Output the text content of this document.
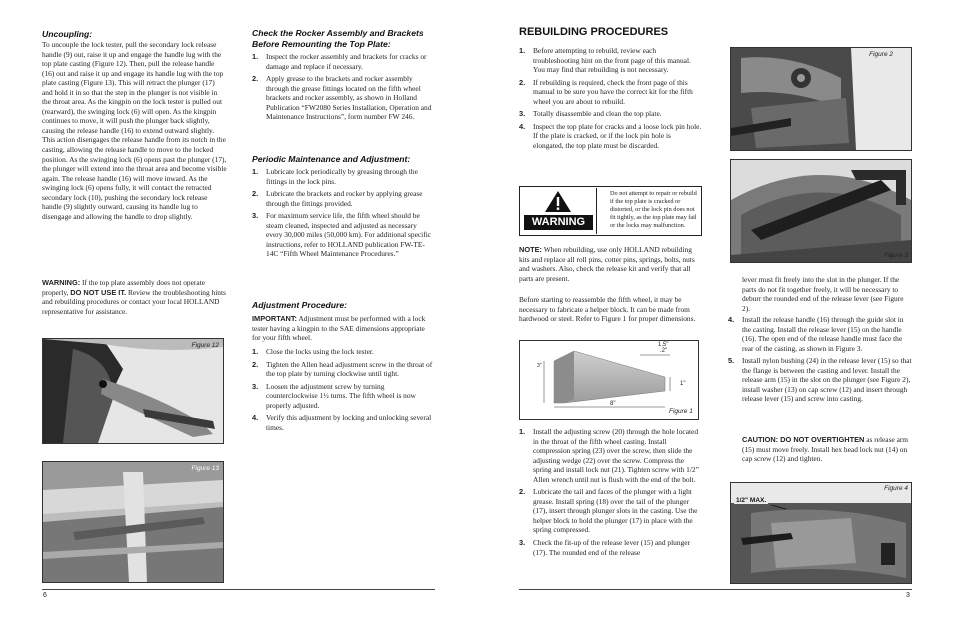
Uncoupling:
To uncouple the lock tester, pull the secondary lock release handle (9) out, raise it up and engage the handle lug with the top plate casting (Figure 12). Then, pull the release handle (16) out and raise it up and engage its handle lug with the top plate casting (Figure 13). This will retract the plunger (17) and hold it in so that the step in the plunger is not visible in the throat area. As the kingpin on the lock tester is pulled out (rearward), the swinging lock (6) will open. As the kingpin continues to move, it will push the plunger back slightly, causing the release handle (16) to extend outward slightly. This action disengages the release handle from its notch in the casting, allowing the release handle to move to the locked position. As the swinging lock (6) opens past the plunger (17), the plunger will extend into the throat area and become visible again. The release handle (16) will move inward. As the swinging lock (6) opens fully, it will contact the retracted secondary lock (10), pushing the secondary lock release handle (9) slightly outward, causing its handle lug to disengage and allowing the handle to drop slightly.
WARNING: If the top plate assembly does not operate properly, DO NOT USE IT. Review the troubleshooting hints and rebuilding procedures or contact your local HOLLAND representative for assistance.
Figure 12
Figure 13
6
Check the Rocker Assembly and Brackets Before Remounting the Top Plate:
1. Inspect the rocker assembly and brackets for cracks or damage and replace if necessary.
2. Apply grease to the brackets and rocker assembly through the grease fittings located on the fifth wheel brackets and rocker assembly, as shown in Holland Publication “FW2080 Series Installation, Operation and Maintenance Instructions”, form number FW 246.
Periodic Maintenance and Adjustment:
1. Lubricate lock periodically by greasing through the fittings in the lock pins.
2. Lubricate the brackets and rocker by applying grease through the fittings provided.
3. For maximum service life, the fifth wheel should be steam cleaned, inspected and adjusted as necessary every 30,000 miles (50,000 km). For additional specific instructions, refer to HOLLAND publication FW-TE-14C “Fifth Wheel Maintenance Procedures.”
Adjustment Procedure:
IMPORTANT: Adjustment must be performed with a lock tester having a kingpin to the SAE dimensions appropriate for your fifth wheel.
1. Close the locks using the lock tester.
2. Tighten the Allen head adjustment screw in the throat of the top plate by turning clockwise until tight.
3. Loosen the adjustment screw by turning counterclockwise 1½ turns. The fifth wheel is now properly adjusted.
4. Verify this adjustment by locking and unlocking several times.
REBUILDING PROCEDURES
1. Before attempting to rebuild, review each troubleshooting hint on the front page of this manual. You may find that rebuilding is not necessary.
2. If rebuilding is required, check the front page of this manual to be sure you have the correct kit for the fifth wheel you are about to rebuild.
3. Totally disassemble and clean the top plate.
4. Inspect the top plate for cracks and a loose lock pin hole. If the plate is cracked, or if the lock pin hole is elongated, the top plate must be discarded.
WARNING
Do not attempt to repair or rebuild if the top plate is cracked or distorted, or the lock pin does not fit tightly, as the top plate may fail or the locks may malfunction.
NOTE: When rebuilding, use only HOLLAND rebuilding kits and replace all roll pins, cotter pins, springs, bolts, nuts and washers. Also, check the release kit and verify that all parts are present.
Before starting to reassemble the fifth wheel, it may be necessary to fabricate a helper block. It can be made from hardwood or steel. Refer to Figure 1 for proper dimensions.
1.5"
.2"
3"
1"
8"
Figure 1
1. Install the adjusting screw (20) through the hole located in the throat of the fifth wheel casting. Install compression spring (23) over the screw, then slide the adjusting wedge (22) over the screw. Compress the spring and install lock nut (21). Tighten screw with 1/2” Allen wrench until nut is flush with the end of the bolt.
2. Lubricate the tail and faces of the plunger with a light grease. Install spring (18) over the tail of the plunger (17), insert through plunger slots in the casting. Use the helper block to hold the plunger (17) in place with the spring compressed.
3. Check the fit-up of the release lever (15) and plunger (17). The rounded end of the release
Figure 2
Figure 3
lever must fit freely into the slot in the plunger. If the parts do not fit together freely, it will be necessary to deburr the rounded end of the release lever (see Figure 2).
4. Install the release handle (16) through the guide slot in the casting. Install the release lever (15) on the handle (16). The open end of the release handle must face the rear of the casting, as shown in Figure 3.
5. Install nylon bushing (24) in the release lever (15) so that the flange is between the casting and lever. Install the release arm (15) in the slot on the plunger (see Figure 2), install washer (13) on cap screw (12) and insert through release lever (15) and screw into casting.
CAUTION: DO NOT OVERTIGHTEN as release arm (15) must move freely. Install hex head lock nut (14) on cap screw (12) and tighten.
Figure 4
1/2" MAX.
3
